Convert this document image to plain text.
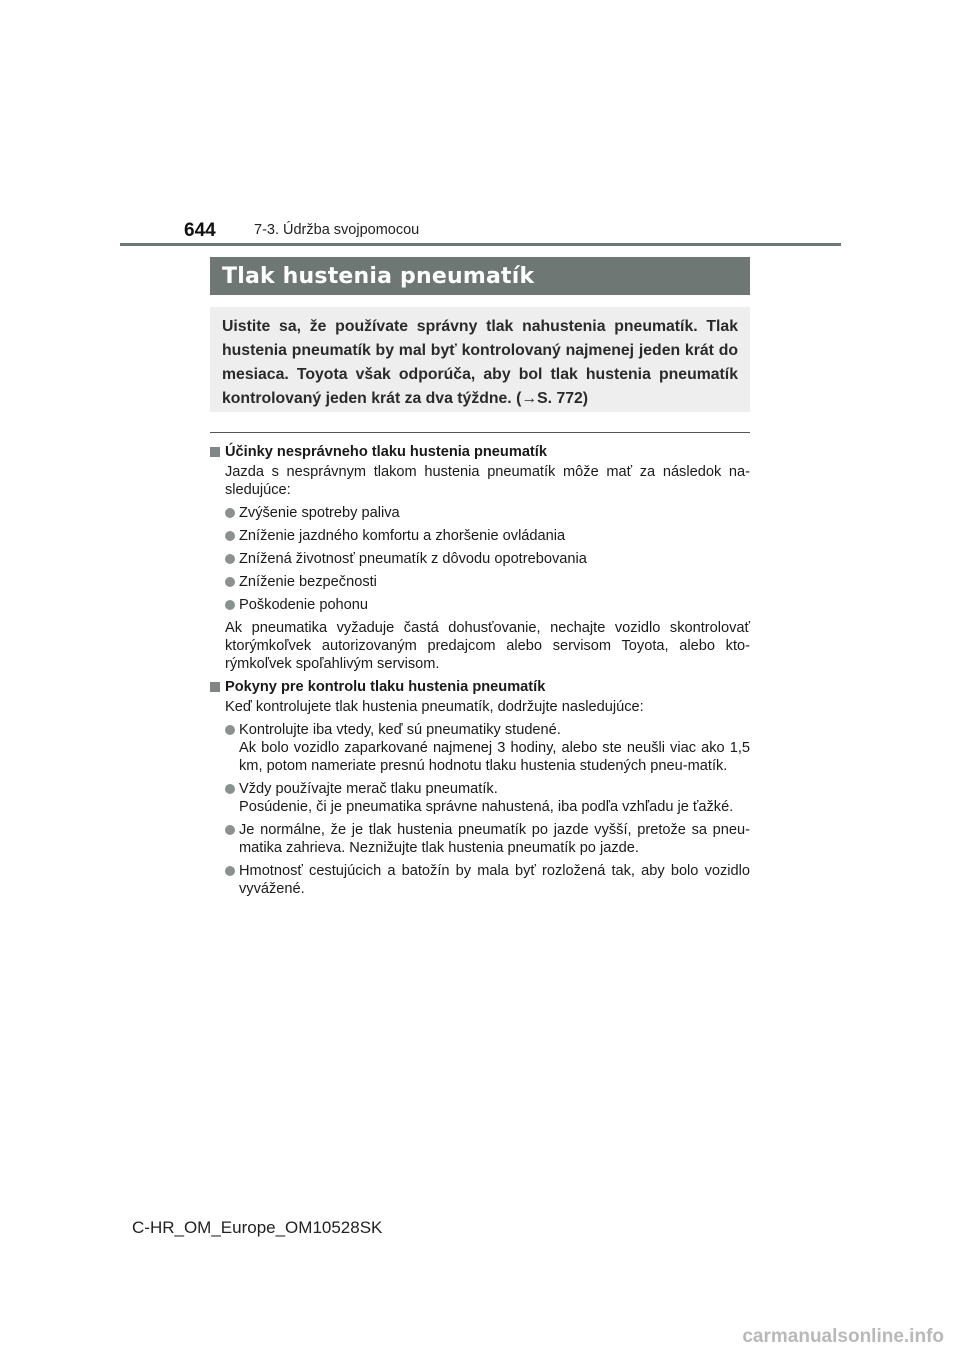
644	7-3. Údržba svojpomocou
Tlak hustenia pneumatík

Uistite sa, že používate správny tlak nahustenia pneumatík. Tlak hustenia pneumatík by mal byť kontrolovaný najmenej jeden krát do mesiaca. Toyota však odporúča, aby bol tlak hustenia pneumatík kontrolovaný jeden krát za dva týždne. (→S. 772)

Účinky nesprávneho tlaku hustenia pneumatík
Jazda s nesprávnym tlakom hustenia pneumatík môže mať za následok na-sledujúce:
Zvýšenie spotreby paliva
Zníženie jazdného komfortu a zhoršenie ovládania
Znížená životnosť pneumatík z dôvodu opotrebovania
Zníženie bezpečnosti
Poškodenie pohonu
Ak pneumatika vyžaduje častá dohusťovanie, nechajte vozidlo skontrolovať ktorýmkoľvek autorizovaným predajcom alebo servisom Toyota, alebo kto-rýmkoľvek spoľahlivým servisom.
Pokyny pre kontrolu tlaku hustenia pneumatík
Keď kontrolujete tlak hustenia pneumatík, dodržujte nasledujúce:
Kontrolujte iba vtedy, keď sú pneumatiky studené.
Ak bolo vozidlo zaparkované najmenej 3 hodiny, alebo ste neušli viac ako 1,5 km, potom nameriate presnú hodnotu tlaku hustenia studených pneu-matík.
Vždy používajte merač tlaku pneumatík.
Posúdenie, či je pneumatika správne nahustená, iba podľa vzhľadu je ťažké.
Je normálne, že je tlak hustenia pneumatík po jazde vyšší, pretože sa pneu-matika zahrieva. Neznižujte tlak hustenia pneumatík po jazde.
Hmotnosť cestujúcich a batožín by mala byť rozložená tak, aby bolo vozidlo vyvážené.
C-HR_OM_Europe_OM10528SK
carmanualsonline.info
